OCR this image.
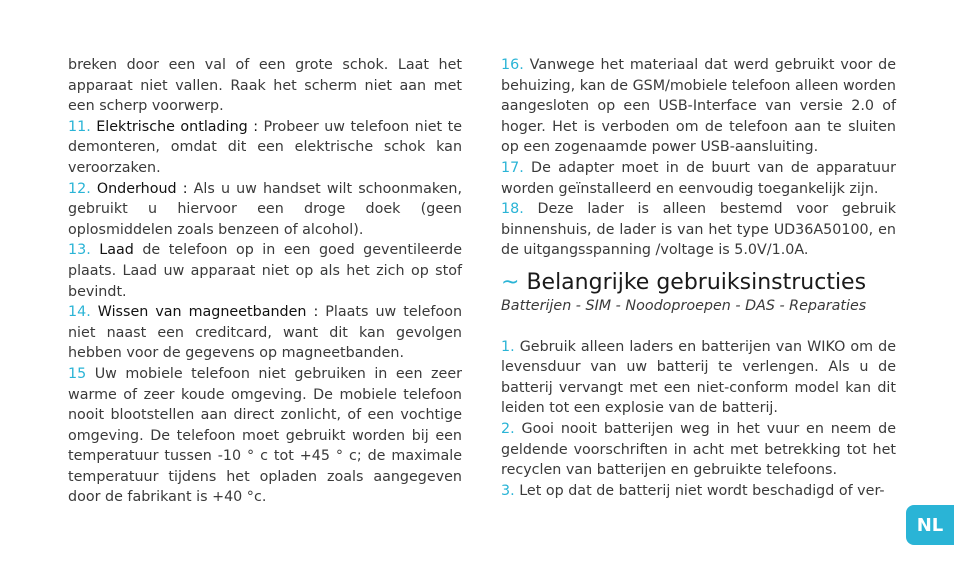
breken door een val of een grote schok. Laat het apparaat niet vallen. Raak het scherm niet aan met een scherp voorwerp.

11. Elektrische ontlading : Probeer uw telefoon niet te demonteren, omdat dit een elektrische schok kan veroorzaken.

12. Onderhoud : Als u uw handset wilt schoonmaken, gebruikt u hiervoor een droge doek (geen oplosmiddelen zoals benzeen of alcohol).

13. Laad de telefoon op in een goed geventileerde plaats. Laad uw apparaat niet op als het zich op stof bevindt.

14. Wissen van magneetbanden : Plaats uw telefoon niet naast een creditcard, want dit kan gevolgen hebben voor de gegevens op magneetbanden.

15 Uw mobiele telefoon niet gebruiken in een zeer warme of zeer koude omgeving. De mobiele telefoon nooit blootstellen aan direct zonlicht, of een vochtige omgeving. De telefoon moet gebruikt worden bij een temperatuur tussen -10 ° c tot +45 ° c; de maximale temperatuur tijdens het opladen zoals aangegeven door de fabrikant is +40 °c.

16. Vanwege het materiaal dat werd gebruikt voor de behuizing, kan de GSM/mobiele telefoon alleen worden aangesloten op een USB-Interface van versie 2.0 of hoger. Het is verboden om de telefoon aan te sluiten op een zogenaamde power USB-aansluiting.

17. De adapter moet in de buurt van de apparatuur worden geïnstalleerd en eenvoudig toegankelijk zijn.

18. Deze lader is alleen bestemd voor gebruik binnenshuis, de lader is van het type UD36A50100, en de uitgangsspanning /voltage is 5.0V/1.0A.

~ Belangrijke gebruiksinstructies

Batterijen - SIM - Noodoproepen - DAS - Reparaties

1. Gebruik alleen laders en batterijen van WIKO om de levensduur van uw batterij te verlengen. Als u de batterij vervangt met een niet-conform model kan dit leiden tot een explosie van de batterij.

2. Gooi nooit batterijen weg in het vuur en neem de geldende voorschriften in acht met betrekking tot het recyclen van batterijen en gebruikte telefoons.

3. Let op dat de batterij niet wordt beschadigd of ver-

NL
